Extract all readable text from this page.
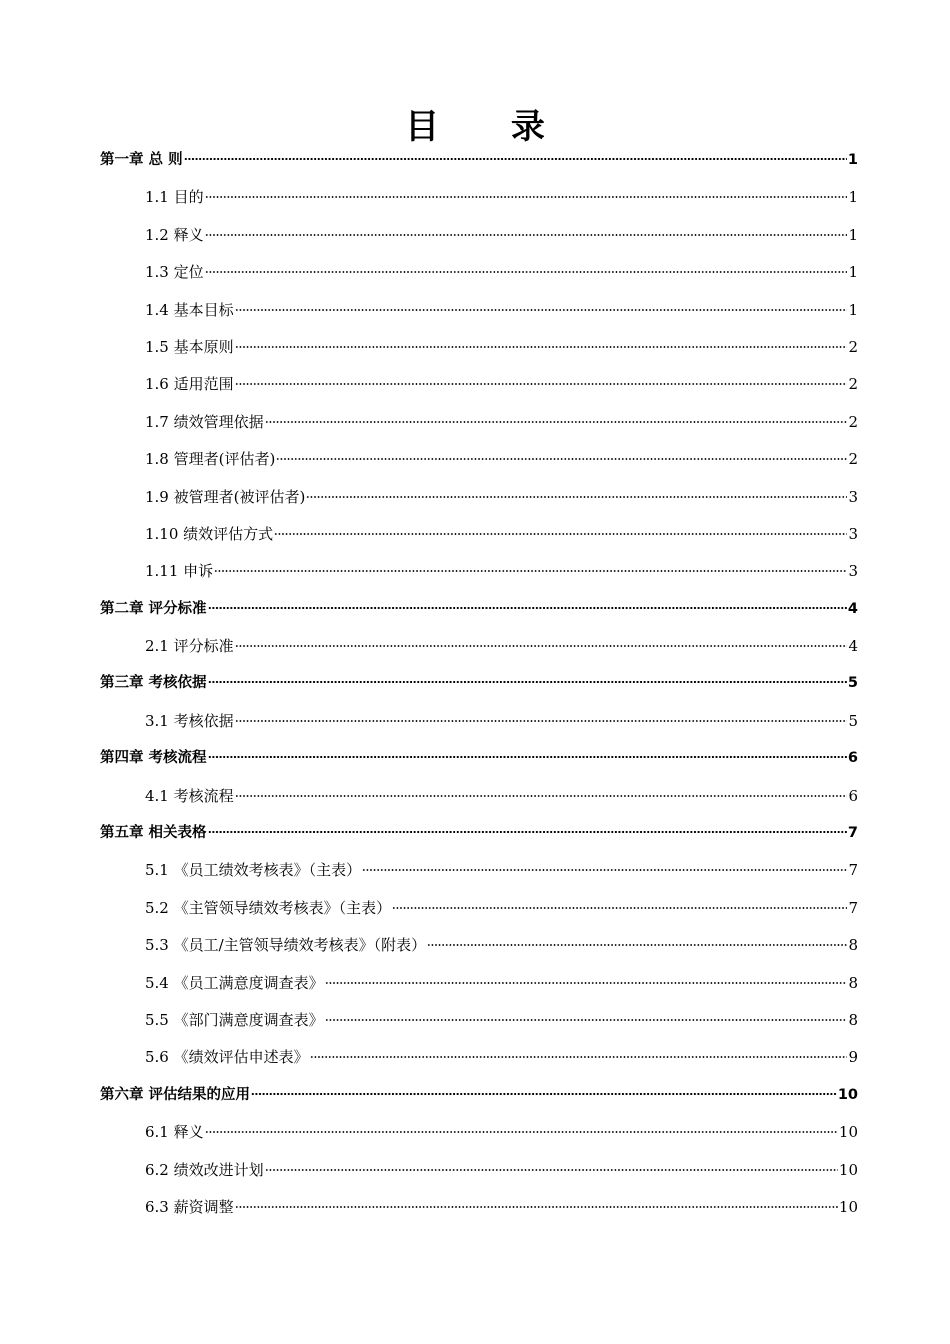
目 录
第一章 总 则	1
1.1 目的	1
1.2 释义	1
1.3 定位	1
1.4 基本目标	1
1.5 基本原则	2
1.6 适用范围	2
1.7 绩效管理依据	2
1.8 管理者(评估者)	2
1.9 被管理者(被评估者)	3
1.10 绩效评估方式	3
1.11 申诉	3
第二章 评分标准	4
2.1 评分标准	4
第三章 考核依据	5
3.1 考核依据	5
第四章 考核流程	6
4.1 考核流程	6
第五章 相关表格	7
5.1 《员工绩效考核表》（主表）	7
5.2 《主管领导绩效考核表》（主表）	7
5.3 《员工/主管领导绩效考核表》（附表）	8
5.4 《员工满意度调查表》	8
5.5 《部门满意度调查表》	8
5.6 《绩效评估申述表》	9
第六章 评估结果的应用	10
6.1 释义	10
6.2 绩效改进计划	10
6.3 薪资调整	10
